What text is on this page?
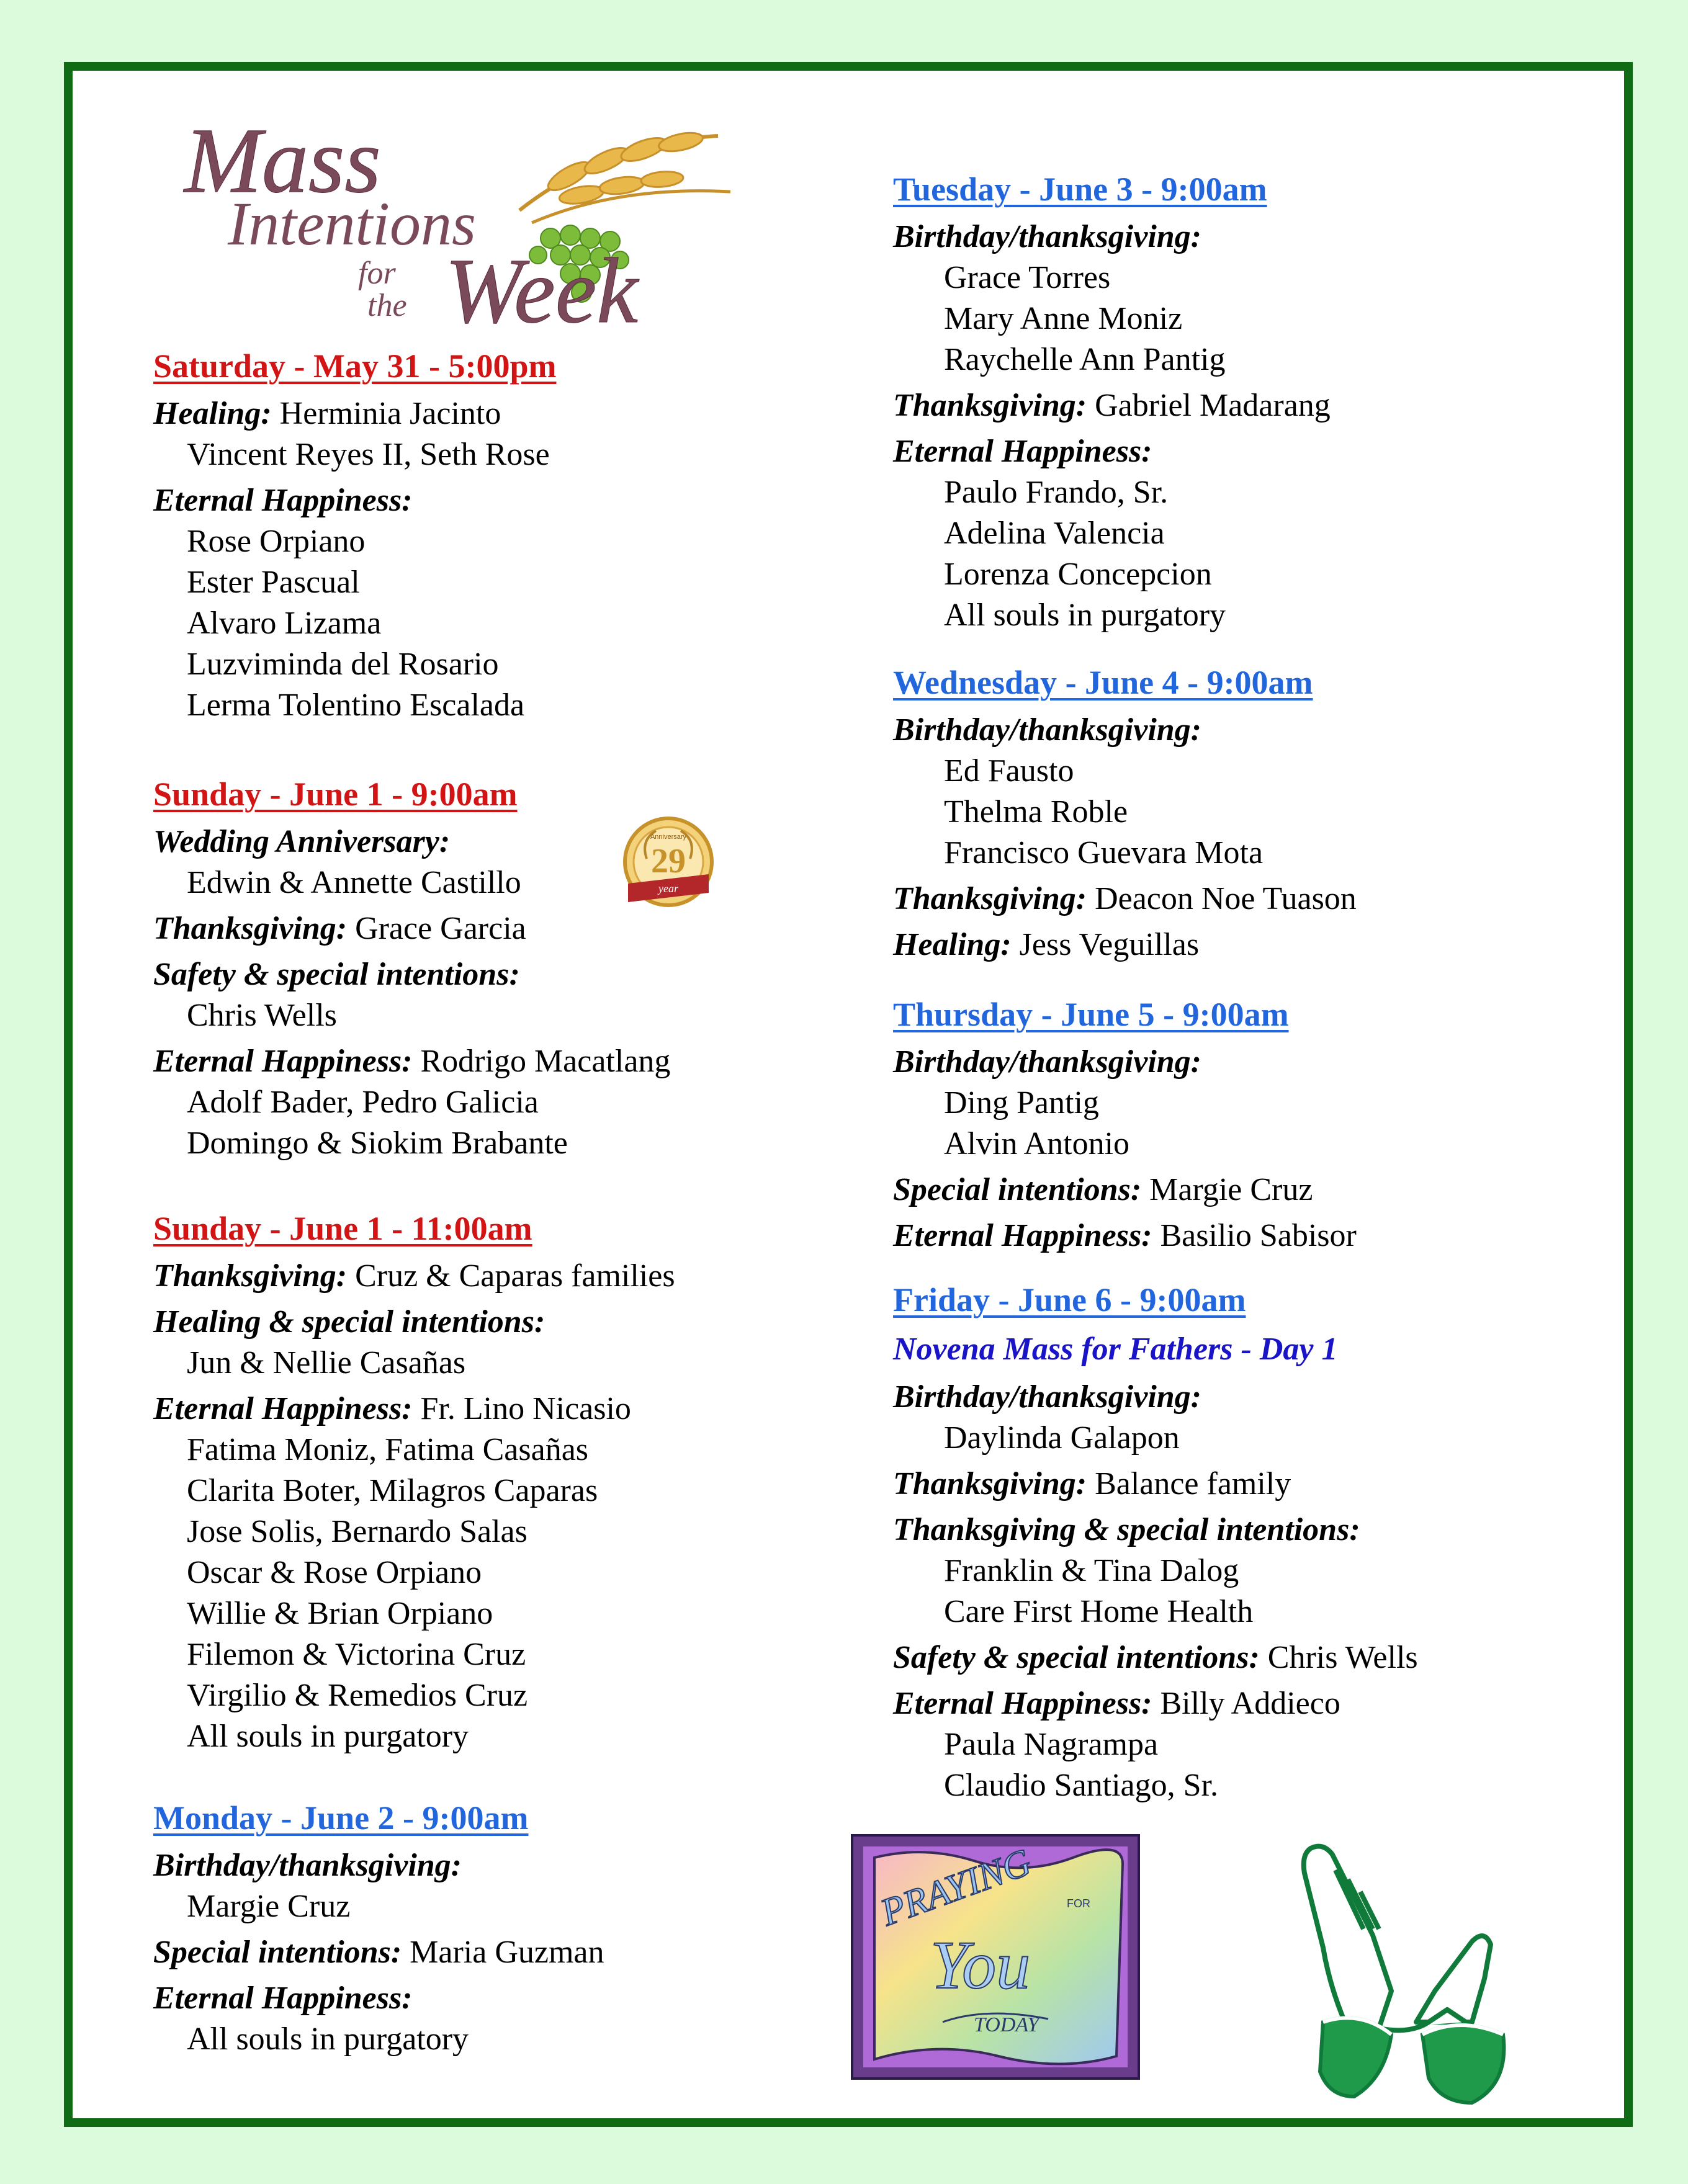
Mass
Intentions
for
the Week
Saturday - May 31 - 5:00pm
Healing: Herminia Jacinto
Vincent Reyes II, Seth Rose
Eternal Happiness:
Rose Orpiano
Ester Pascual
Alvaro Lizama
Luzviminda del Rosario
Lerma Tolentino Escalada
Sunday - June 1 - 9:00am
Wedding Anniversary:
Edwin & Annette Castillo
Thanksgiving: Grace Garcia
Safety & special intentions:
Chris Wells
Eternal Happiness: Rodrigo Macatlang
Adolf Bader, Pedro Galicia
Domingo & Siokim Brabante
Sunday - June 1 - 11:00am
Thanksgiving: Cruz & Caparas families
Healing & special intentions:
Jun & Nellie Casañas
Eternal Happiness: Fr. Lino Nicasio
Fatima Moniz, Fatima Casañas
Clarita Boter, Milagros Caparas
Jose Solis, Bernardo Salas
Oscar & Rose Orpiano
Willie & Brian Orpiano
Filemon & Victorina Cruz
Virgilio & Remedios Cruz
All souls in purgatory
Monday - June 2 - 9:00am
Birthday/thanksgiving:
Margie Cruz
Special intentions: Maria Guzman
Eternal Happiness:
All souls in purgatory
Anniversary
29
year
Tuesday - June 3 - 9:00am
Birthday/thanksgiving:
Grace Torres
Mary Anne Moniz
Raychelle Ann Pantig
Thanksgiving: Gabriel Madarang
Eternal Happiness:
Paulo Frando, Sr.
Adelina Valencia
Lorenza Concepcion
All souls in purgatory
Wednesday - June 4 - 9:00am
Birthday/thanksgiving:
Ed Fausto
Thelma Roble
Francisco Guevara Mota
Thanksgiving: Deacon Noe Tuason
Healing: Jess Veguillas
Thursday - June 5 - 9:00am
Birthday/thanksgiving:
Ding Pantig
Alvin Antonio
Special intentions: Margie Cruz
Eternal Happiness: Basilio Sabisor
Friday - June 6 - 9:00am
Novena Mass for Fathers - Day 1
Birthday/thanksgiving:
Daylinda Galapon
Thanksgiving: Balance family
Thanksgiving & special intentions:
Franklin & Tina Dalog
Care First Home Health
Safety & special intentions: Chris Wells
Eternal Happiness: Billy Addieco
Paula Nagrampa
Claudio Santiago, Sr.
PRAYING	FOR
You
TODAY
